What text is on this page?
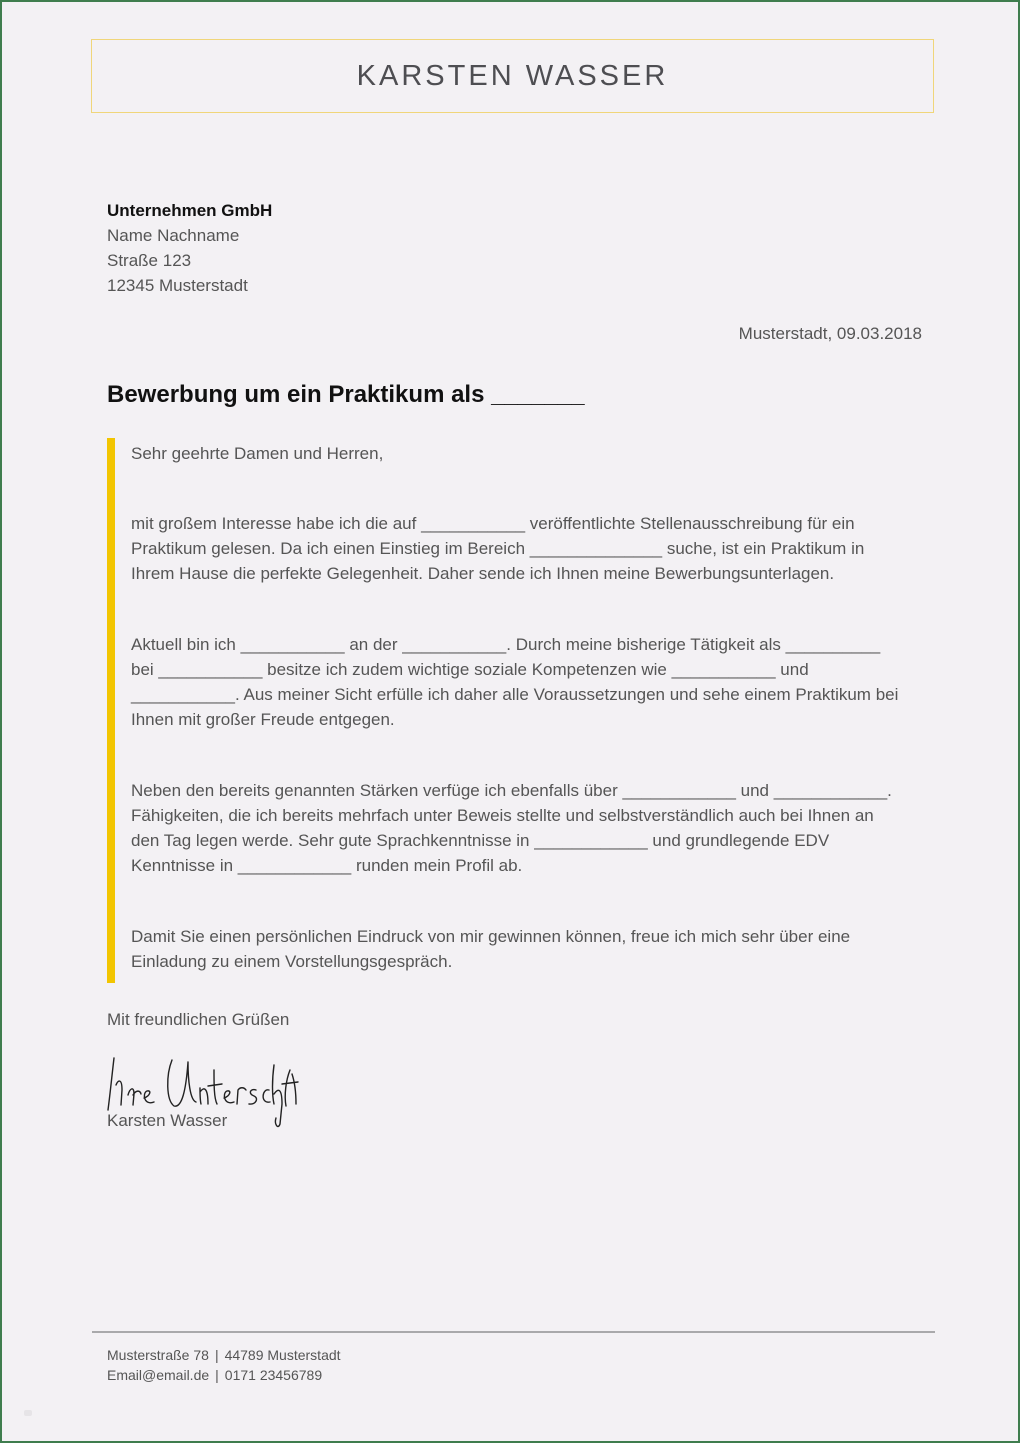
KARSTEN WASSER
Unternehmen GmbH
Name Nachname
Straße 123
12345 Musterstadt
Musterstadt, 09.03.2018
Bewerbung um ein Praktikum als _______
Sehr geehrte Damen und Herren,
mit großem Interesse habe ich die auf ___________ veröffentlichte Stellenausschreibung für ein
Praktikum gelesen. Da ich einen Einstieg im Bereich ______________ suche, ist ein Praktikum in
Ihrem Hause die perfekte Gelegenheit. Daher sende ich Ihnen meine Bewerbungsunterlagen.
Aktuell bin ich ___________ an der ___________. Durch meine bisherige Tätigkeit als __________
bei ___________ besitze ich zudem wichtige soziale Kompetenzen wie ___________ und
___________. Aus meiner Sicht erfülle ich daher alle Voraussetzungen und sehe einem Praktikum bei
Ihnen mit großer Freude entgegen.
Neben den bereits genannten Stärken verfüge ich ebenfalls über ____________ und ____________.
Fähigkeiten, die ich bereits mehrfach unter Beweis stellte und selbstverständlich auch bei Ihnen an
den Tag legen werde. Sehr gute Sprachkenntnisse in ____________ und grundlegende EDV
Kenntnisse in ____________ runden mein Profil ab.
Damit Sie einen persönlichen Eindruck von mir gewinnen können, freue ich mich sehr über eine
Einladung zu einem Vorstellungsgespräch.
Mit freundlichen Grüßen
Karsten Wasser
Musterstraße 78 | 44789 Musterstadt
Email@email.de | 0171 23456789
